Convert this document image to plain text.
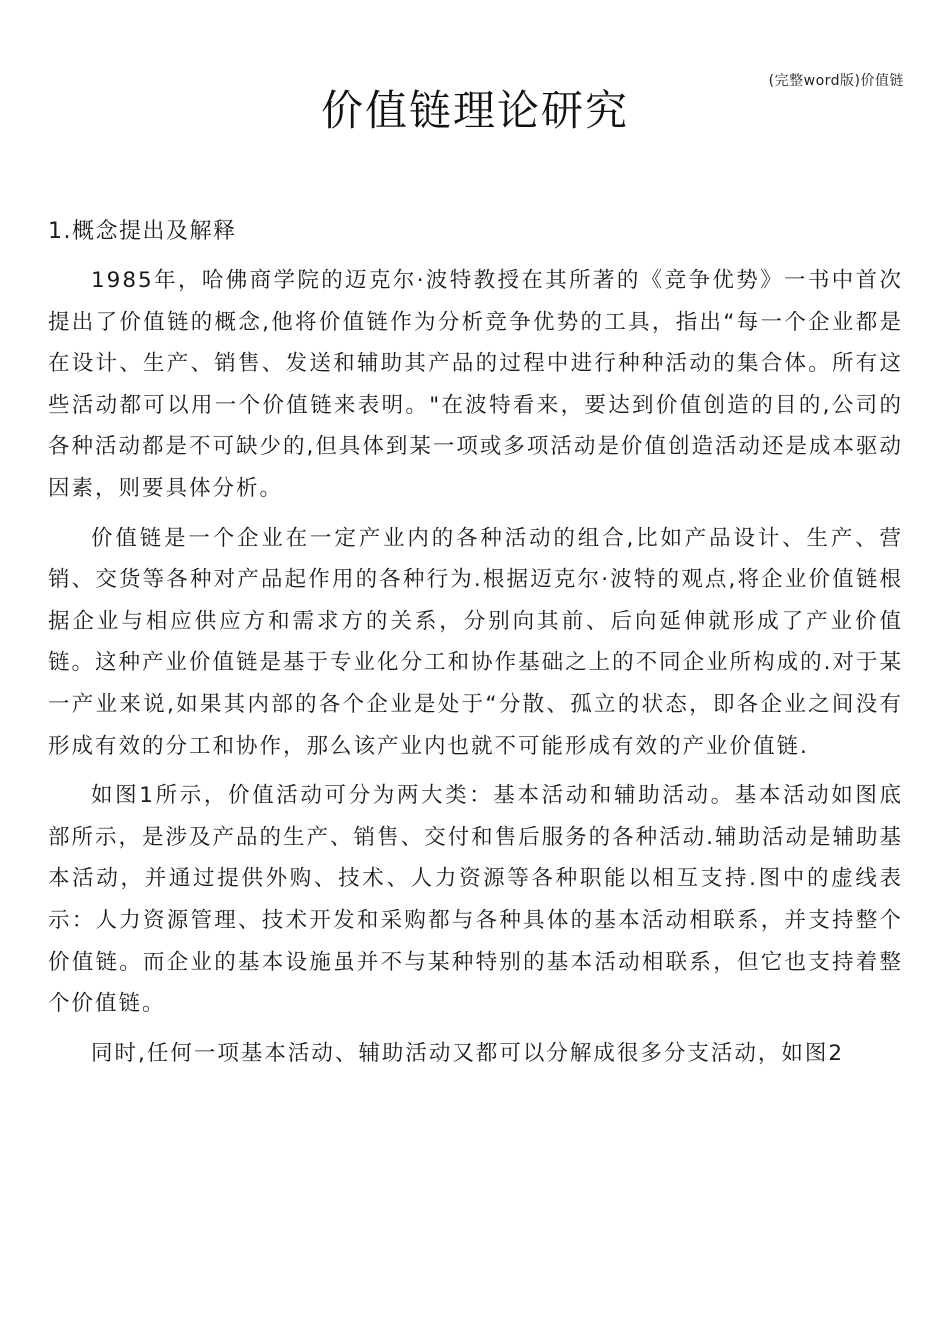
(完整word版)价值链
价值链理论研究
1.概念提出及解释

1985年，哈佛商学院的迈克尔·波特教授在其所著的《竞争优势》一书中首次提出了价值链的概念,他将价值链作为分析竞争优势的工具，指出“每一个企业都是在设计、生产、销售、发送和辅助其产品的过程中进行种种活动的集合体。所有这些活动都可以用一个价值链来表明。"在波特看来，要达到价值创造的目的,公司的各种活动都是不可缺少的,但具体到某一项或多项活动是价值创造活动还是成本驱动因素，则要具体分析。

价值链是一个企业在一定产业内的各种活动的组合,比如产品设计、生产、营销、交货等各种对产品起作用的各种行为.根据迈克尔·波特的观点,将企业价值链根据企业与相应供应方和需求方的关系，分别向其前、后向延伸就形成了产业价值链。这种产业价值链是基于专业化分工和协作基础之上的不同企业所构成的.对于某一产业来说,如果其内部的各个企业是处于“分散、孤立的状态，即各企业之间没有形成有效的分工和协作，那么该产业内也就不可能形成有效的产业价值链.

如图1所示，价值活动可分为两大类：基本活动和辅助活动。基本活动如图底部所示，是涉及产品的生产、销售、交付和售后服务的各种活动.辅助活动是辅助基本活动，并通过提供外购、技术、人力资源等各种职能以相互支持.图中的虚线表示：人力资源管理、技术开发和采购都与各种具体的基本活动相联系，并支持整个价值链。而企业的基本设施虽并不与某种特别的基本活动相联系，但它也支持着整个价值链。

同时,任何一项基本活动、辅助活动又都可以分解成很多分支活动，如图2
